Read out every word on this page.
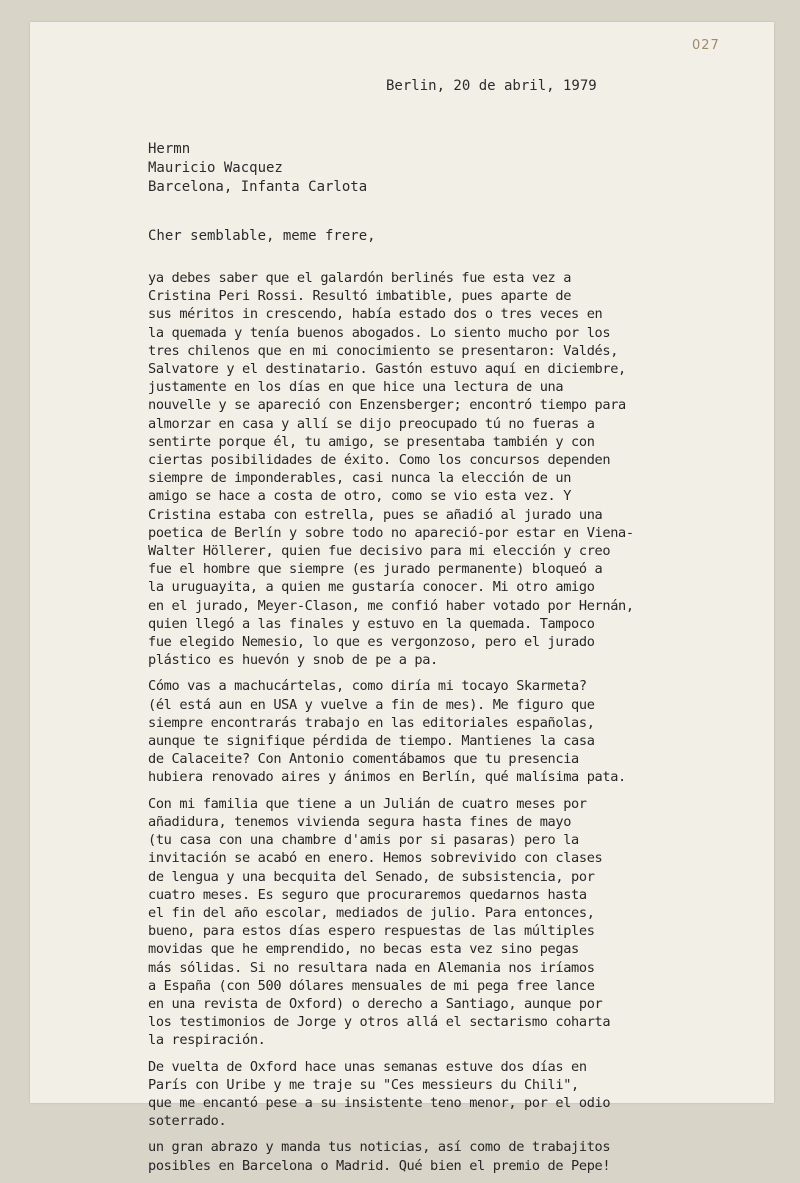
027
Berlin, 20 de abril, 1979
Hermn
Mauricio Wacquez
Barcelona, Infanta Carlota
Cher semblable, meme frere,
ya debes saber que el galardón berlinés fue esta vez a
Cristina Peri Rossi. Resultó imbatible, pues aparte de
sus méritos in crescendo, había estado dos o tres veces en
la quemada y tenía buenos abogados. Lo siento mucho por los
tres chilenos que en mi conocimiento se presentaron: Valdés,
Salvatore y el destinatario. Gastón estuvo aquí en diciembre,
justamente en los días en que hice una lectura de una
nouvelle y se apareció con Enzensberger; encontró tiempo para
almorzar en casa y allí se dijo preocupado tú no fueras a
sentirte porque él, tu amigo, se presentaba también y con
ciertas posibilidades de éxito. Como los concursos dependen
siempre de imponderables, casi nunca la elección de un
amigo se hace a costa de otro, como se vio esta vez. Y
Cristina estaba con estrella, pues se añadió al jurado una
poetica de Berlín y sobre todo no apareció-por estar en Viena-
Walter Höllerer, quien fue decisivo para mi elección y creo
fue el hombre que siempre (es jurado permanente) bloqueó a
la uruguayita, a quien me gustaría conocer. Mi otro amigo
en el jurado, Meyer-Clason, me confió haber votado por Hernán,
quien llegó a las finales y estuvo en la quemada. Tampoco
fue elegido Nemesio, lo que es vergonzoso, pero el jurado
plástico es huevón y snob de pe a pa.
Cómo vas a machucártelas, como diría mi tocayo Skarmeta?
(él está aun en USA y vuelve a fin de mes). Me figuro que
siempre encontrarás trabajo en las editoriales españolas,
aunque te signifique pérdida de tiempo. Mantienes la casa
de Calaceite? Con Antonio comentábamos que tu presencia
hubiera renovado aires y ánimos en Berlín, qué malísima pata.
Con mi familia que tiene a un Julián de cuatro meses por
añadidura, tenemos vivienda segura hasta fines de mayo
(tu casa con una chambre d'amis por si pasaras) pero la
invitación se acabó en enero. Hemos sobrevivido con clases
de lengua y una becquita del Senado, de subsistencia, por
cuatro meses. Es seguro que procuraremos quedarnos hasta
el fin del año escolar, mediados de julio. Para entonces,
bueno, para estos días espero respuestas de las múltiples
movidas que he emprendido, no becas esta vez sino pegas
más sólidas. Si no resultara nada en Alemania nos iríamos
a España (con 500 dólares mensuales de mi pega free lance
en una revista de Oxford) o derecho a Santiago, aunque por
los testimonios de Jorge y otros allá el sectarismo coharta
la respiración.
De vuelta de Oxford hace unas semanas estuve dos días en
París con Uribe y me traje su "Ces messieurs du Chili",
que me encantó pese a su insistente teno menor, por el odio
soterrado.
un gran abrazo y manda tus noticias, así como de trabajitos
posibles en Barcelona o Madrid. Qué bien el premio de Pepe!
